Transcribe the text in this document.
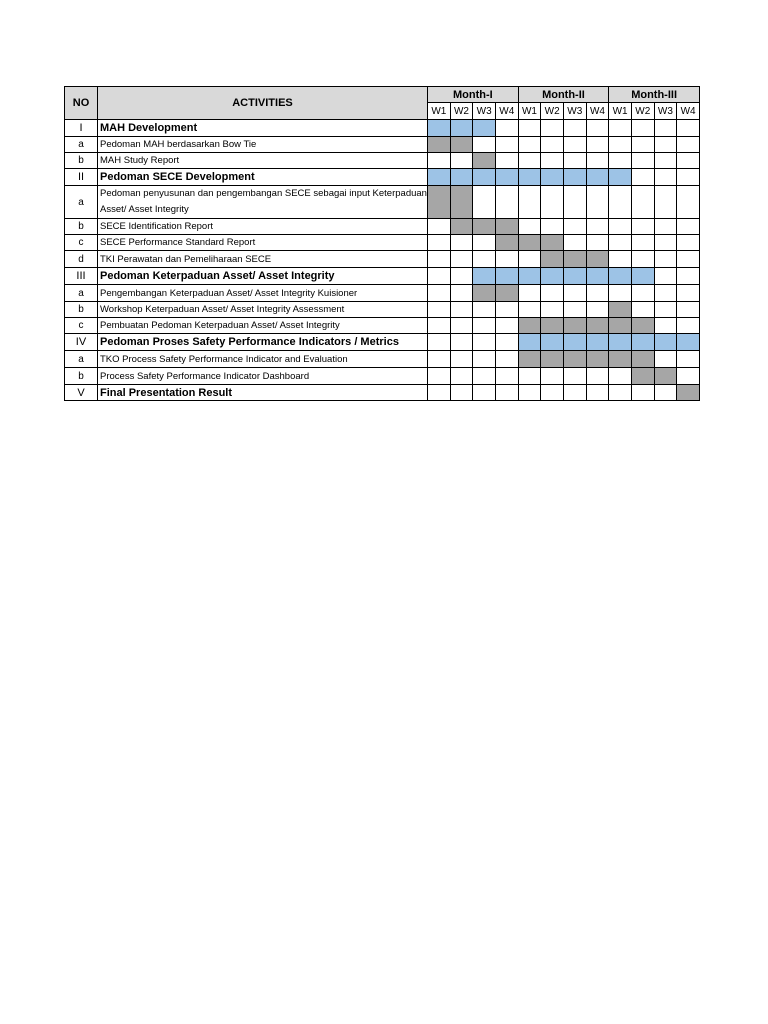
NO	ACTIVITIES	Month-I				Month-II				Month-III			
		W1	W2	W3	W4	W1	W2	W3	W4	W1	W2	W3	W4
I	MAH Development												
a	Pedoman MAH berdasarkan Bow Tie												
b	MAH Study Report												
II	Pedoman SECE Development												
a	Pedoman penyusunan dan pengembangan SECE sebagai input Keterpaduan Asset/ Asset Integrity												
b	SECE Identification Report												
c	SECE Performance Standard Report												
d	TKI Perawatan dan Pemeliharaan SECE												
III	Pedoman Keterpaduan Asset/ Asset Integrity												
a	Pengembangan Keterpaduan Asset/ Asset Integrity Kuisioner												
b	Workshop Keterpaduan Asset/ Asset Integrity Assessment												
c	Pembuatan Pedoman Keterpaduan Asset/ Asset Integrity												
IV	Pedoman Proses Safety Performance Indicators / Metrics												
a	TKO Process Safety Performance Indicator and Evaluation												
b	Process Safety Performance Indicator Dashboard												
V	Final Presentation Result												
